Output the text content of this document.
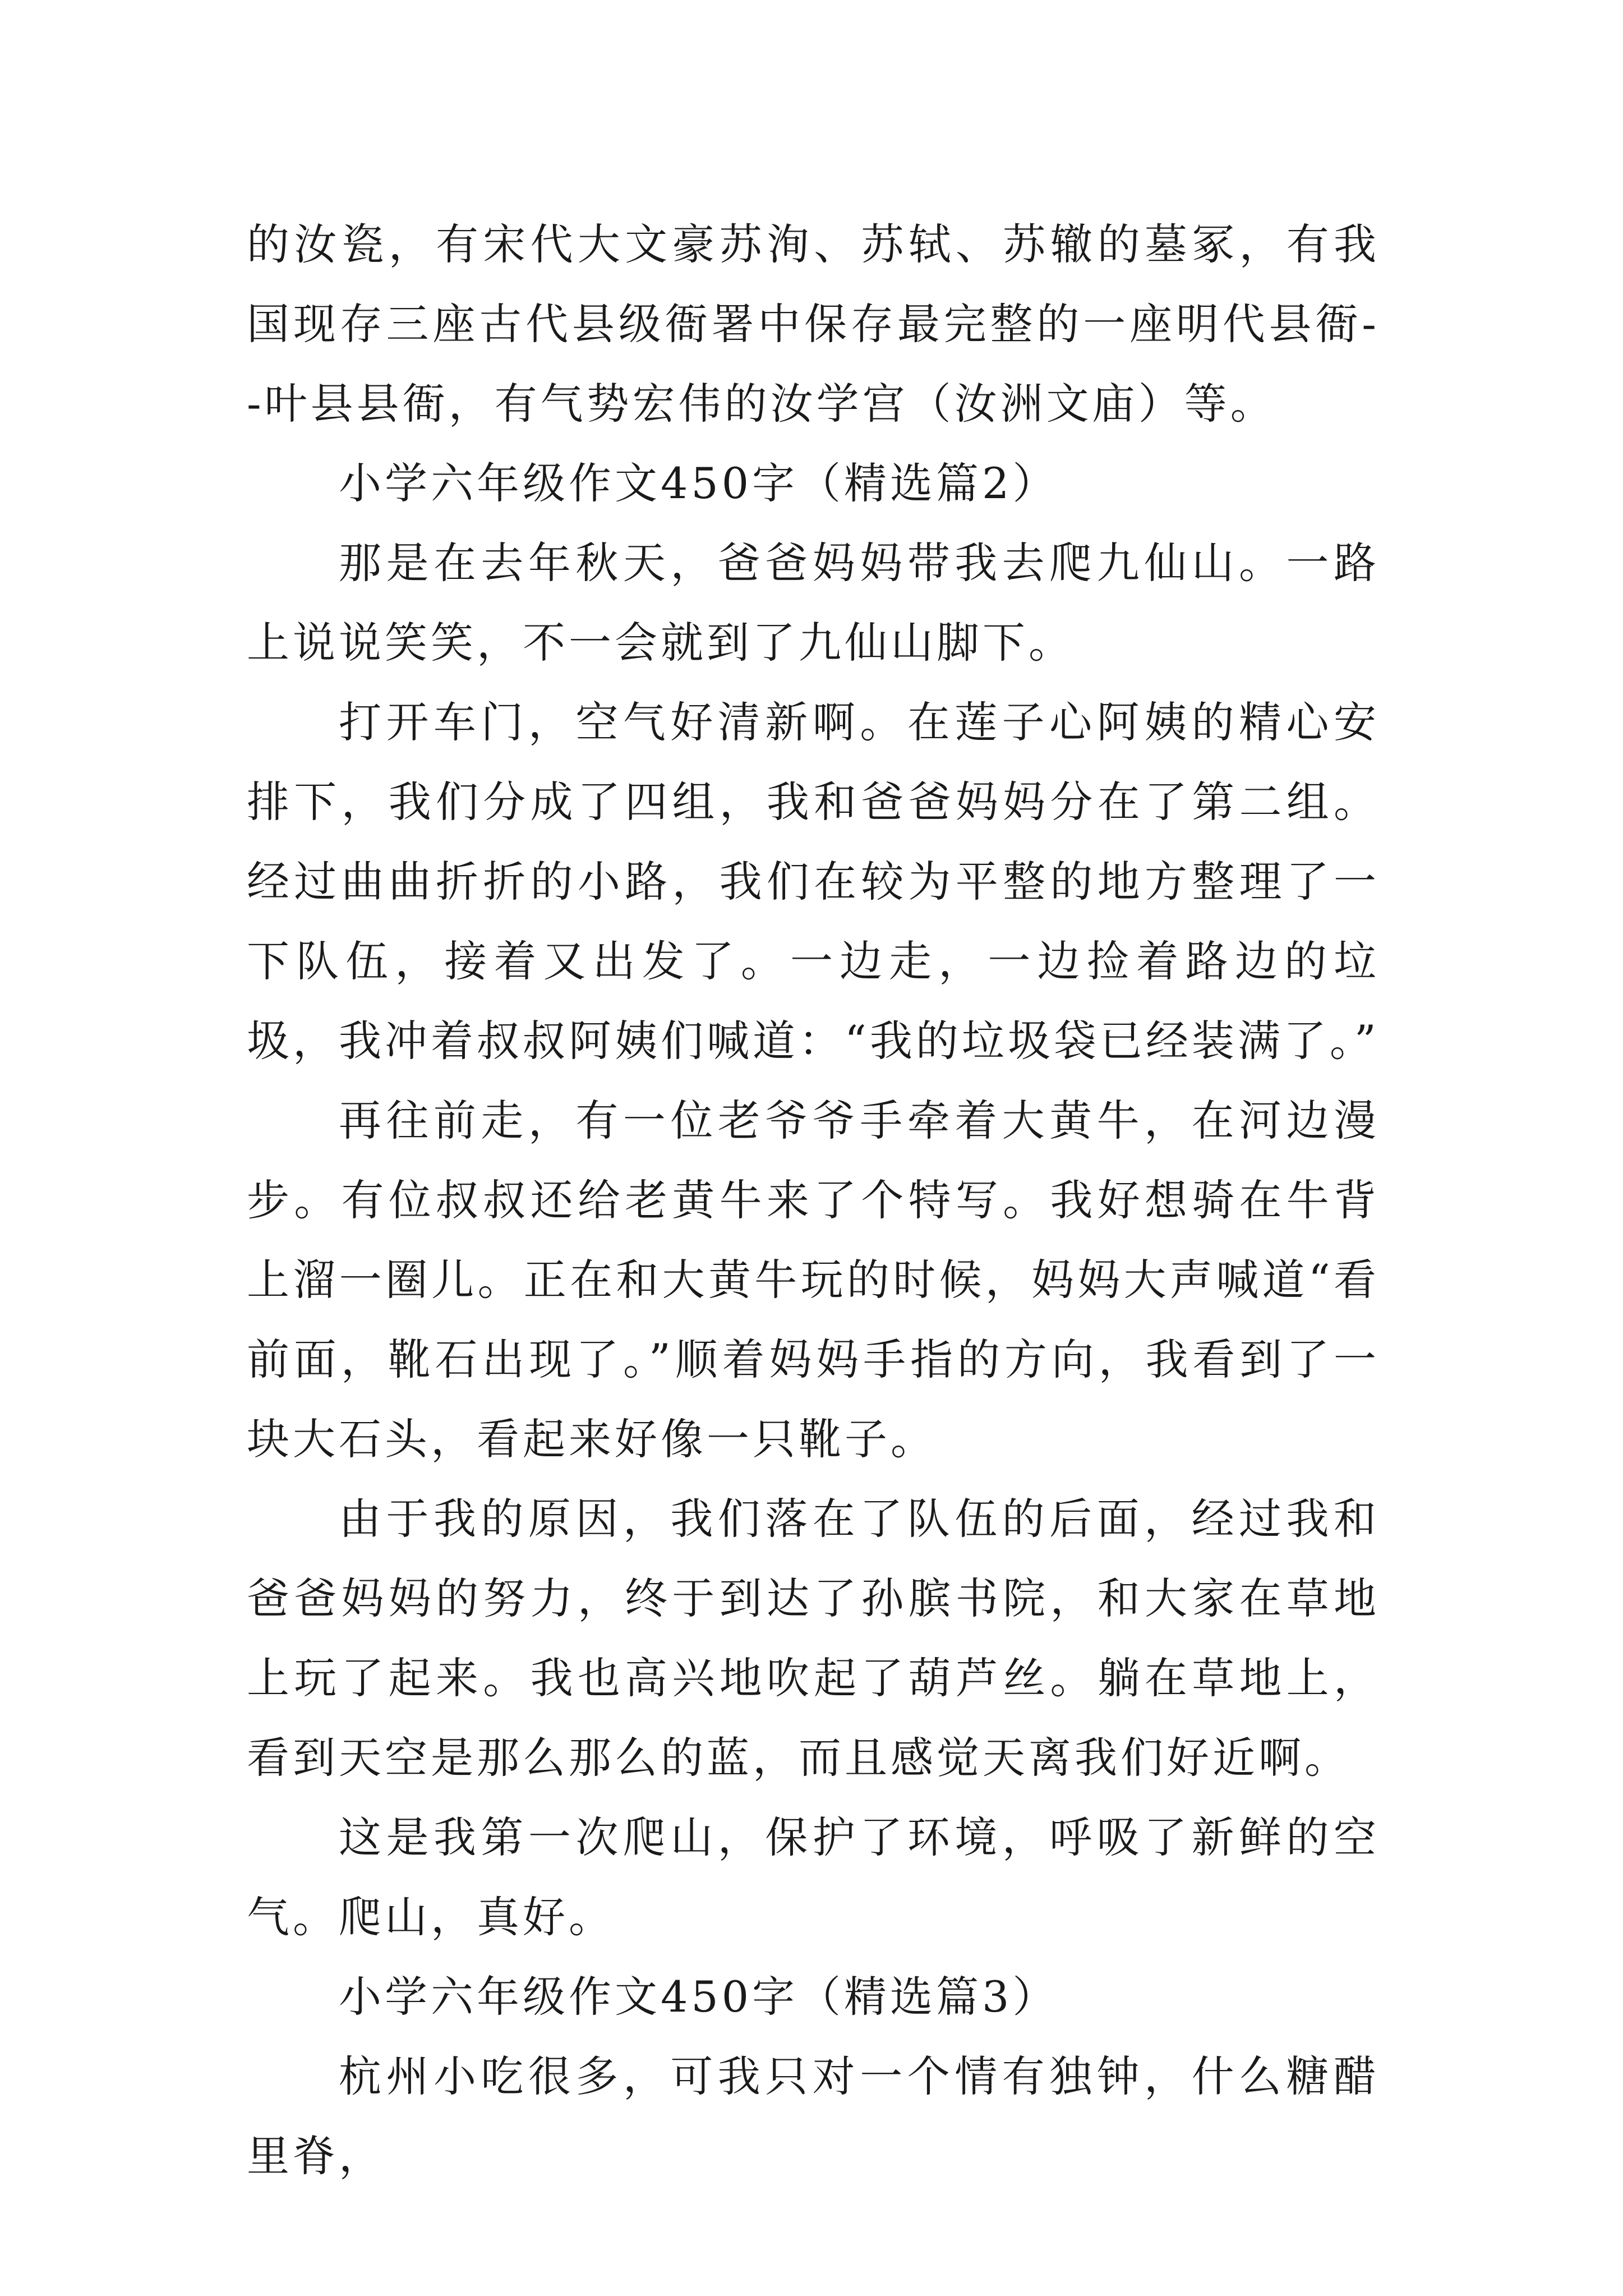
的汝瓷，有宋代大文豪苏洵、苏轼、苏辙的墓冢，有我国现存三座古代县级衙署中保存最完整的一座明代县衙--叶县县衙，有气势宏伟的汝学宫（汝洲文庙）等。

小学六年级作文450字（精选篇2）

那是在去年秋天，爸爸妈妈带我去爬九仙山。一路上说说笑笑，不一会就到了九仙山脚下。

打开车门，空气好清新啊。在莲子心阿姨的精心安排下，我们分成了四组，我和爸爸妈妈分在了第二组。经过曲曲折折的小路，我们在较为平整的地方整理了一下队伍，接着又出发了。一边走，一边捡着路边的垃圾，我冲着叔叔阿姨们喊道：“我的垃圾袋已经装满了。”

再往前走，有一位老爷爷手牵着大黄牛，在河边漫步。有位叔叔还给老黄牛来了个特写。我好想骑在牛背上溜一圈儿。正在和大黄牛玩的时候，妈妈大声喊道“看前面，靴石出现了。”顺着妈妈手指的方向，我看到了一块大石头，看起来好像一只靴子。

由于我的原因，我们落在了队伍的后面，经过我和爸爸妈妈的努力，终于到达了孙膑书院，和大家在草地上玩了起来。我也高兴地吹起了葫芦丝。躺在草地上，看到天空是那么那么的蓝，而且感觉天离我们好近啊。

这是我第一次爬山，保护了环境，呼吸了新鲜的空气。爬山，真好。

小学六年级作文450字（精选篇3）

杭州小吃很多，可我只对一个情有独钟，什么糖醋里脊，
